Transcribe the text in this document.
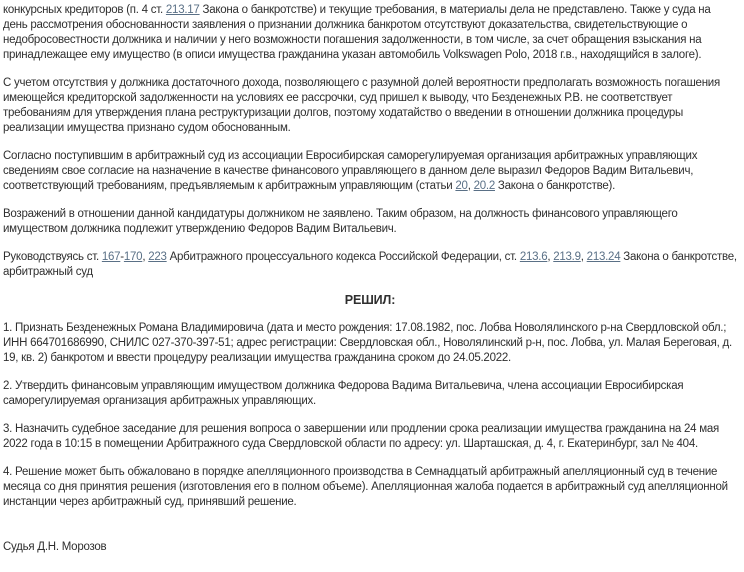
конкурсных кредиторов (п. 4 ст. 213.17 Закона о банкротстве) и текущие требования, в материалы дела не представлено. Также у суда на день рассмотрения обоснованности заявления о признании должника банкротом отсутствуют доказательства, свидетельствующие о недобросовестности должника и наличии у него возможности погашения задолженности, в том числе, за счет обращения взыскания на принадлежащее ему имущество (в описи имущества гражданина указан автомобиль Volkswagen Polo, 2018 г.в., находящийся в залоге).

С учетом отсутствия у должника достаточного дохода, позволяющего с разумной долей вероятности предполагать возможность погашения имеющейся кредиторской задолженности на условиях ее рассрочки, суд пришел к выводу, что Безденежных Р.В. не соответствует требованиям для утверждения плана реструктуризации долгов, поэтому ходатайство о введении в отношении должника процедуры реализации имущества признано судом обоснованным.

Согласно поступившим в арбитражный суд из ассоциации Евросибирская саморегулируемая организация арбитражных управляющих сведениям свое согласие на назначение в качестве финансового управляющего в данном деле выразил Федоров Вадим Витальевич, соответствующий требованиям, предъявляемым к арбитражным управляющим (статьи 20, 20.2 Закона о банкротстве).

Возражений в отношении данной кандидатуры должником не заявлено. Таким образом, на должность финансового управляющего имуществом должника подлежит утверждению Федоров Вадим Витальевич.

Руководствуясь ст. 167-170, 223 Арбитражного процессуального кодекса Российской Федерации, ст. 213.6, 213.9, 213.24 Закона о банкротстве, арбитражный суд

РЕШИЛ:

1. Признать Безденежных Романа Владимировича (дата и место рождения: 17.08.1982, пос. Лобва Новолялинского р-на Свердловской обл.; ИНН 664701686990, СНИЛС 027-370-397-51; адрес регистрации: Свердловская обл., Новолялинский р-н, пос. Лобва, ул. Малая Береговая, д. 19, кв. 2) банкротом и ввести процедуру реализации имущества гражданина сроком до 24.05.2022.

2. Утвердить финансовым управляющим имуществом должника Федорова Вадима Витальевича, члена ассоциации Евросибирская саморегулируемая организация арбитражных управляющих.

3. Назначить судебное заседание для решения вопроса о завершении или продлении срока реализации имущества гражданина на 24 мая 2022 года в 10:15 в помещении Арбитражного суда Свердловской области по адресу: ул. Шарташская, д. 4, г. Екатеринбург, зал № 404.

4. Решение может быть обжаловано в порядке апелляционного производства в Семнадцатый арбитражный апелляционный суд в течение месяца со дня принятия решения (изготовления его в полном объеме). Апелляционная жалоба подается в арбитражный суд апелляционной инстанции через арбитражный суд, принявший решение.

Судья Д.Н. Морозов
